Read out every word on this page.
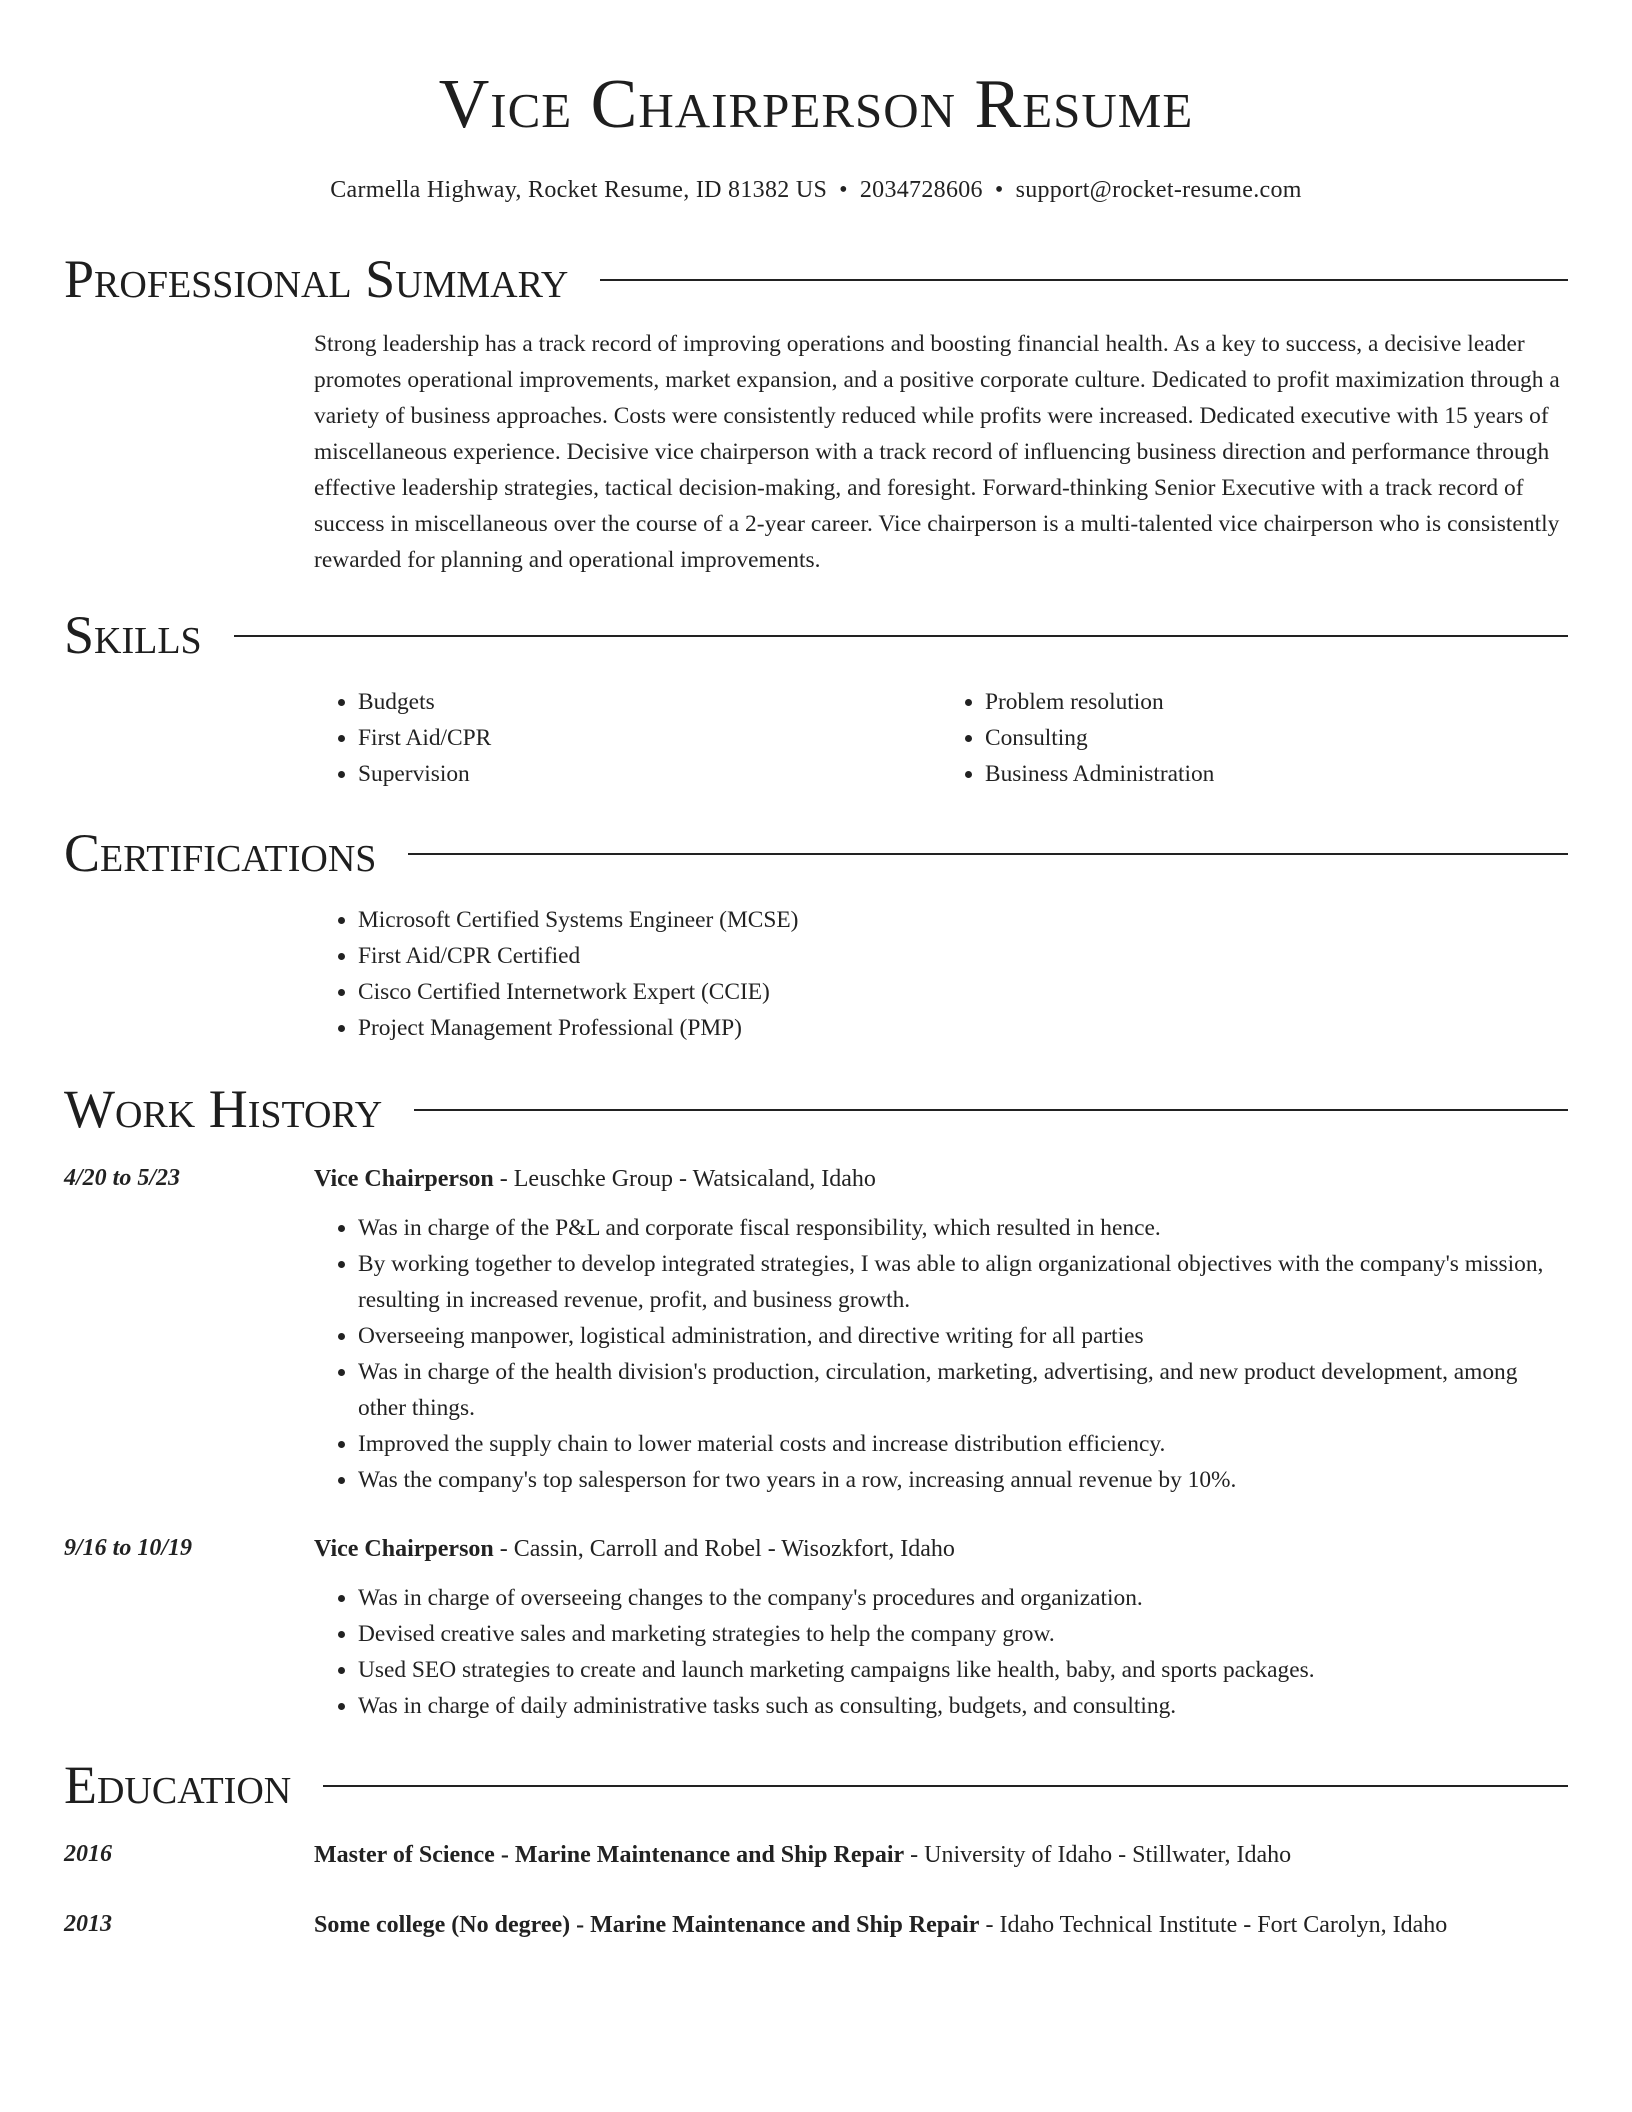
Vice Chairperson Resume
Carmella Highway, Rocket Resume, ID 81382 US • 2034728606 • support@rocket-resume.com
Professional Summary

Strong leadership has a track record of improving operations and boosting financial health. As a key to success, a decisive leader promotes operational improvements, market expansion, and a positive corporate culture. Dedicated to profit maximization through a variety of business approaches. Costs were consistently reduced while profits were increased. Dedicated executive with 15 years of miscellaneous experience. Decisive vice chairperson with a track record of influencing business direction and performance through effective leadership strategies, tactical decision-making, and foresight. Forward-thinking Senior Executive with a track record of success in miscellaneous over the course of a 2-year career. Vice chairperson is a multi-talented vice chairperson who is consistently rewarded for planning and operational improvements.

Skills
• Budgets
• First Aid/CPR
• Supervision
• Problem resolution
• Consulting
• Business Administration
Certifications
• Microsoft Certified Systems Engineer (MCSE)
• First Aid/CPR Certified
• Cisco Certified Internetwork Expert (CCIE)
• Project Management Professional (PMP)
Work History
4/20 to 5/23	Vice Chairperson - Leuschke Group - Watsicaland, Idaho
• Was in charge of the P&L and corporate fiscal responsibility, which resulted in hence.
• By working together to develop integrated strategies, I was able to align organizational objectives with the company's mission, resulting in increased revenue, profit, and business growth.
• Overseeing manpower, logistical administration, and directive writing for all parties
• Was in charge of the health division's production, circulation, marketing, advertising, and new product development, among other things.
• Improved the supply chain to lower material costs and increase distribution efficiency.
• Was the company's top salesperson for two years in a row, increasing annual revenue by 10%.
9/16 to 10/19	Vice Chairperson - Cassin, Carroll and Robel - Wisozkfort, Idaho
• Was in charge of overseeing changes to the company's procedures and organization.
• Devised creative sales and marketing strategies to help the company grow.
• Used SEO strategies to create and launch marketing campaigns like health, baby, and sports packages.
• Was in charge of daily administrative tasks such as consulting, budgets, and consulting.
Education
2016	Master of Science - Marine Maintenance and Ship Repair - University of Idaho - Stillwater, Idaho
2013	Some college (No degree) - Marine Maintenance and Ship Repair - Idaho Technical Institute - Fort Carolyn, Idaho
